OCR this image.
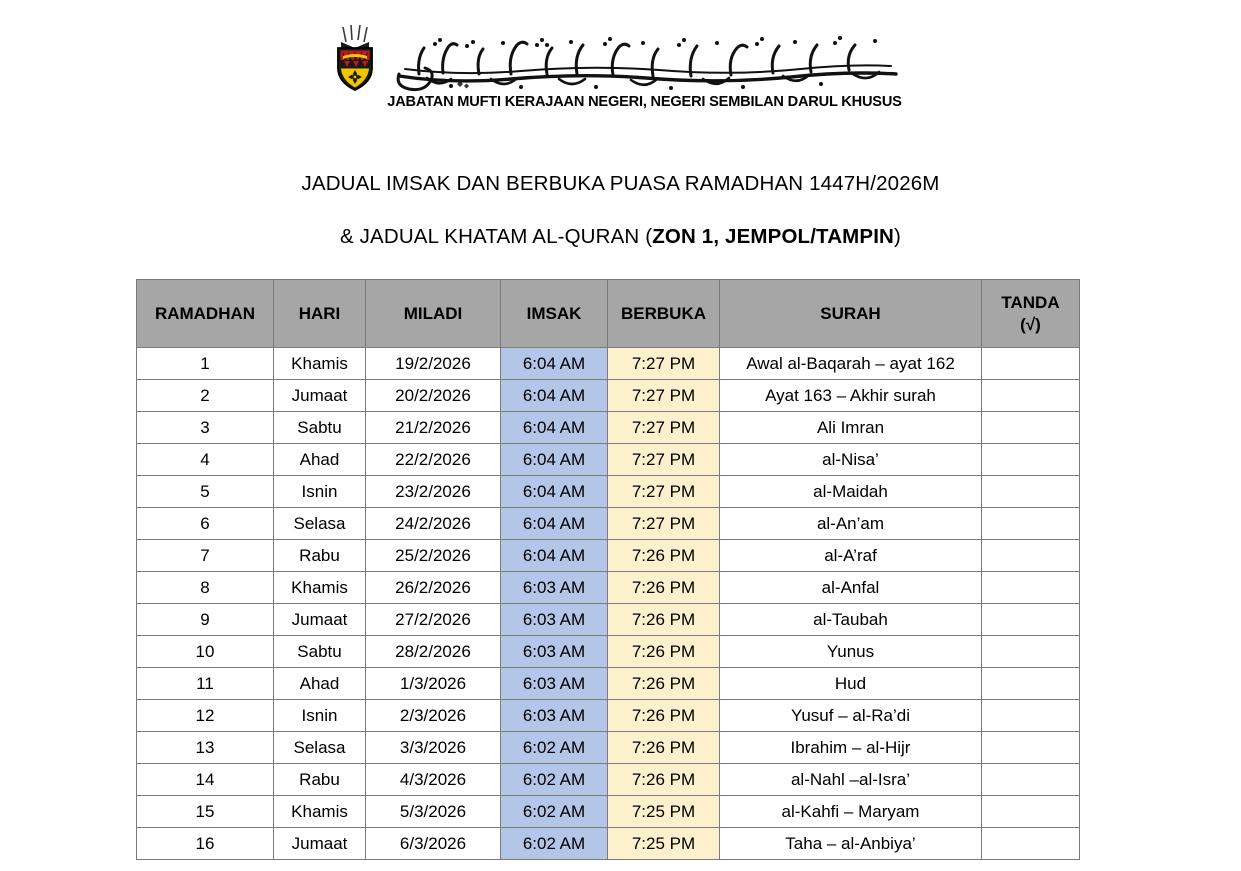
JABATAN MUFTI KERAJAAN NEGERI, NEGERI SEMBILAN DARUL KHUSUS
JADUAL IMSAK DAN BERBUKA PUASA RAMADHAN 1447H/2026M
& JADUAL KHATAM AL-QURAN (ZON 1, JEMPOL/TAMPIN)
RAMADHAN	HARI	MILADI	IMSAK	BERBUKA	SURAH	TANDA
(√)
1	Khamis	19/2/2026	6:04 AM	7:27 PM	Awal al-Baqarah – ayat 162	
2	Jumaat	20/2/2026	6:04 AM	7:27 PM	Ayat 163 – Akhir surah	
3	Sabtu	21/2/2026	6:04 AM	7:27 PM	Ali Imran	
4	Ahad	22/2/2026	6:04 AM	7:27 PM	al-Nisa’	
5	Isnin	23/2/2026	6:04 AM	7:27 PM	al-Maidah	
6	Selasa	24/2/2026	6:04 AM	7:27 PM	al-An’am	
7	Rabu	25/2/2026	6:04 AM	7:26 PM	al-A’raf	
8	Khamis	26/2/2026	6:03 AM	7:26 PM	al-Anfal	
9	Jumaat	27/2/2026	6:03 AM	7:26 PM	al-Taubah	
10	Sabtu	28/2/2026	6:03 AM	7:26 PM	Yunus	
11	Ahad	1/3/2026	6:03 AM	7:26 PM	Hud	
12	Isnin	2/3/2026	6:03 AM	7:26 PM	Yusuf – al-Ra’di	
13	Selasa	3/3/2026	6:02 AM	7:26 PM	Ibrahim – al-Hijr	
14	Rabu	4/3/2026	6:02 AM	7:26 PM	al-Nahl –al-Isra’	
15	Khamis	5/3/2026	6:02 AM	7:25 PM	al-Kahfi – Maryam	
16	Jumaat	6/3/2026	6:02 AM	7:25 PM	Taha – al-Anbiya’	
